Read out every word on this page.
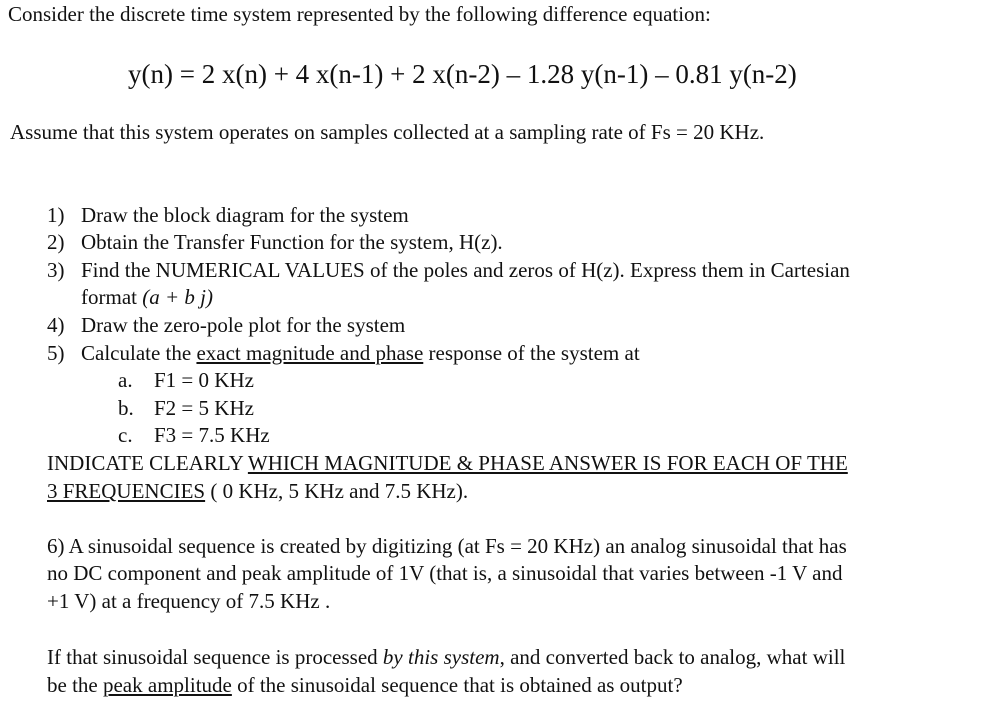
Consider the discrete time system represented by the following difference equation:
y(n) = 2 x(n) + 4 x(n-1) + 2 x(n-2) – 1.28 y(n-1) – 0.81 y(n-2)
Assume that this system operates on samples collected at a sampling rate of Fs = 20 KHz.
1) Draw the block diagram for the system
2) Obtain the Transfer Function for the system, H(z).
3) Find the NUMERICAL VALUES of the poles and zeros of H(z). Express them in Cartesian
format (a + b j)
4) Draw the zero-pole plot for the system
5) Calculate the exact magnitude and phase response of the system at
a. F1 = 0 KHz
b. F2 = 5 KHz
c. F3 = 7.5 KHz
INDICATE CLEARLY WHICH MAGNITUDE & PHASE ANSWER IS FOR EACH OF THE
3 FREQUENCIES ( 0 KHz, 5 KHz and 7.5 KHz).
6) A sinusoidal sequence is created by digitizing (at Fs = 20 KHz) an analog sinusoidal that has
no DC component and peak amplitude of 1V (that is, a sinusoidal that varies between -1 V and
+1 V) at a frequency of 7.5 KHz .
If that sinusoidal sequence is processed by this system, and converted back to analog, what will
be the peak amplitude of the sinusoidal sequence that is obtained as output?
